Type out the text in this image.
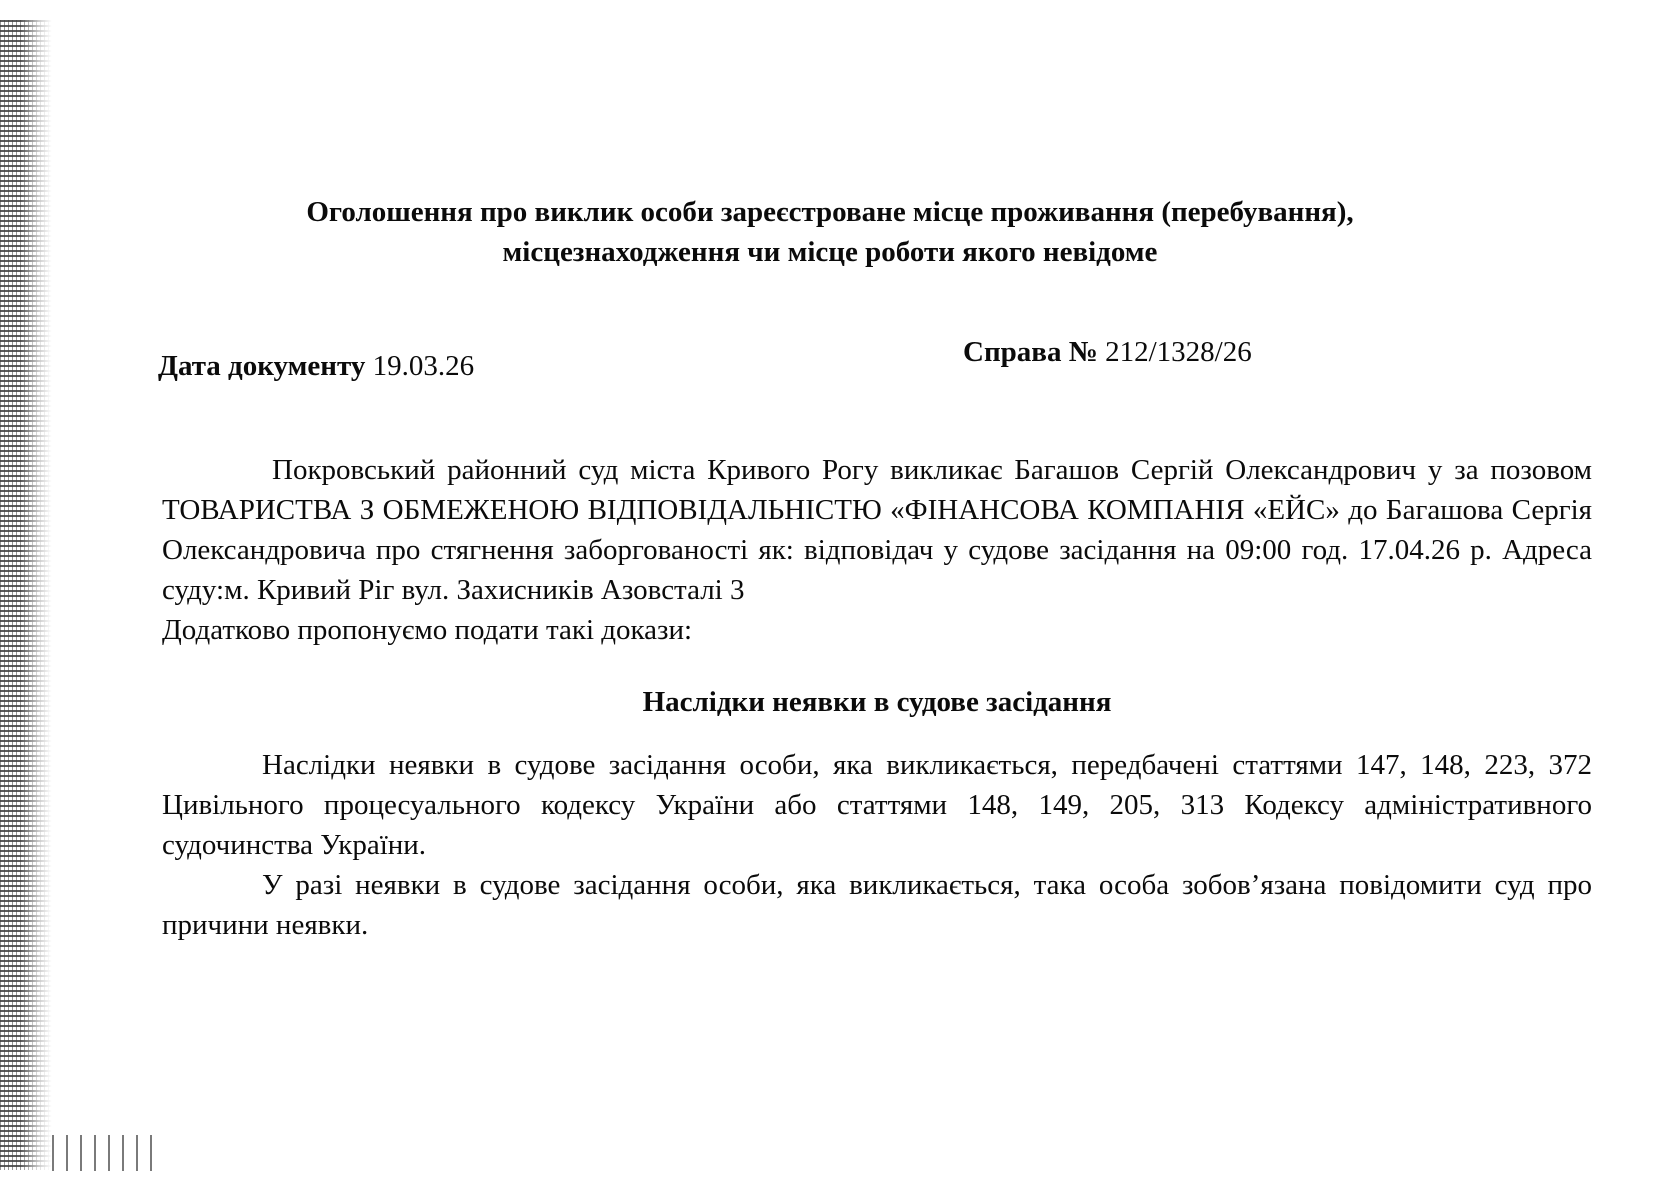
Оголошення про виклик особи зареєстроване місце проживання (перебування),
місцезнаходження чи місце роботи якого невідоме
Дата документу 19.03.26	Справа № 212/1328/26

Покровський районний суд міста Кривого Рогу викликає Багашов Сергій Олександрович у за позовом ТОВАРИСТВА З ОБМЕЖЕНОЮ ВІДПОВІДАЛЬНІСТЮ «ФІНАНСОВА КОМПАНІЯ «ЕЙС» до Багашова Сергія Олександровича про стягнення заборгованості як: відповідач у судове засідання на 09:00 год. 17.04.26 р. Адреса суду:м. Кривий Ріг вул. Захисників Азовсталі 3

Додатково пропонуємо подати такі докази:

Наслідки неявки в судове засідання

Наслідки неявки в судове засідання особи, яка викликається, передбачені статтями 147, 148, 223, 372 Цивільного процесуального кодексу України або статтями 148, 149, 205, 313 Кодексу адміністративного судочинства України.

У разі неявки в судове засідання особи, яка викликається, така особа зобов’язана повідомити суд про причини неявки.
